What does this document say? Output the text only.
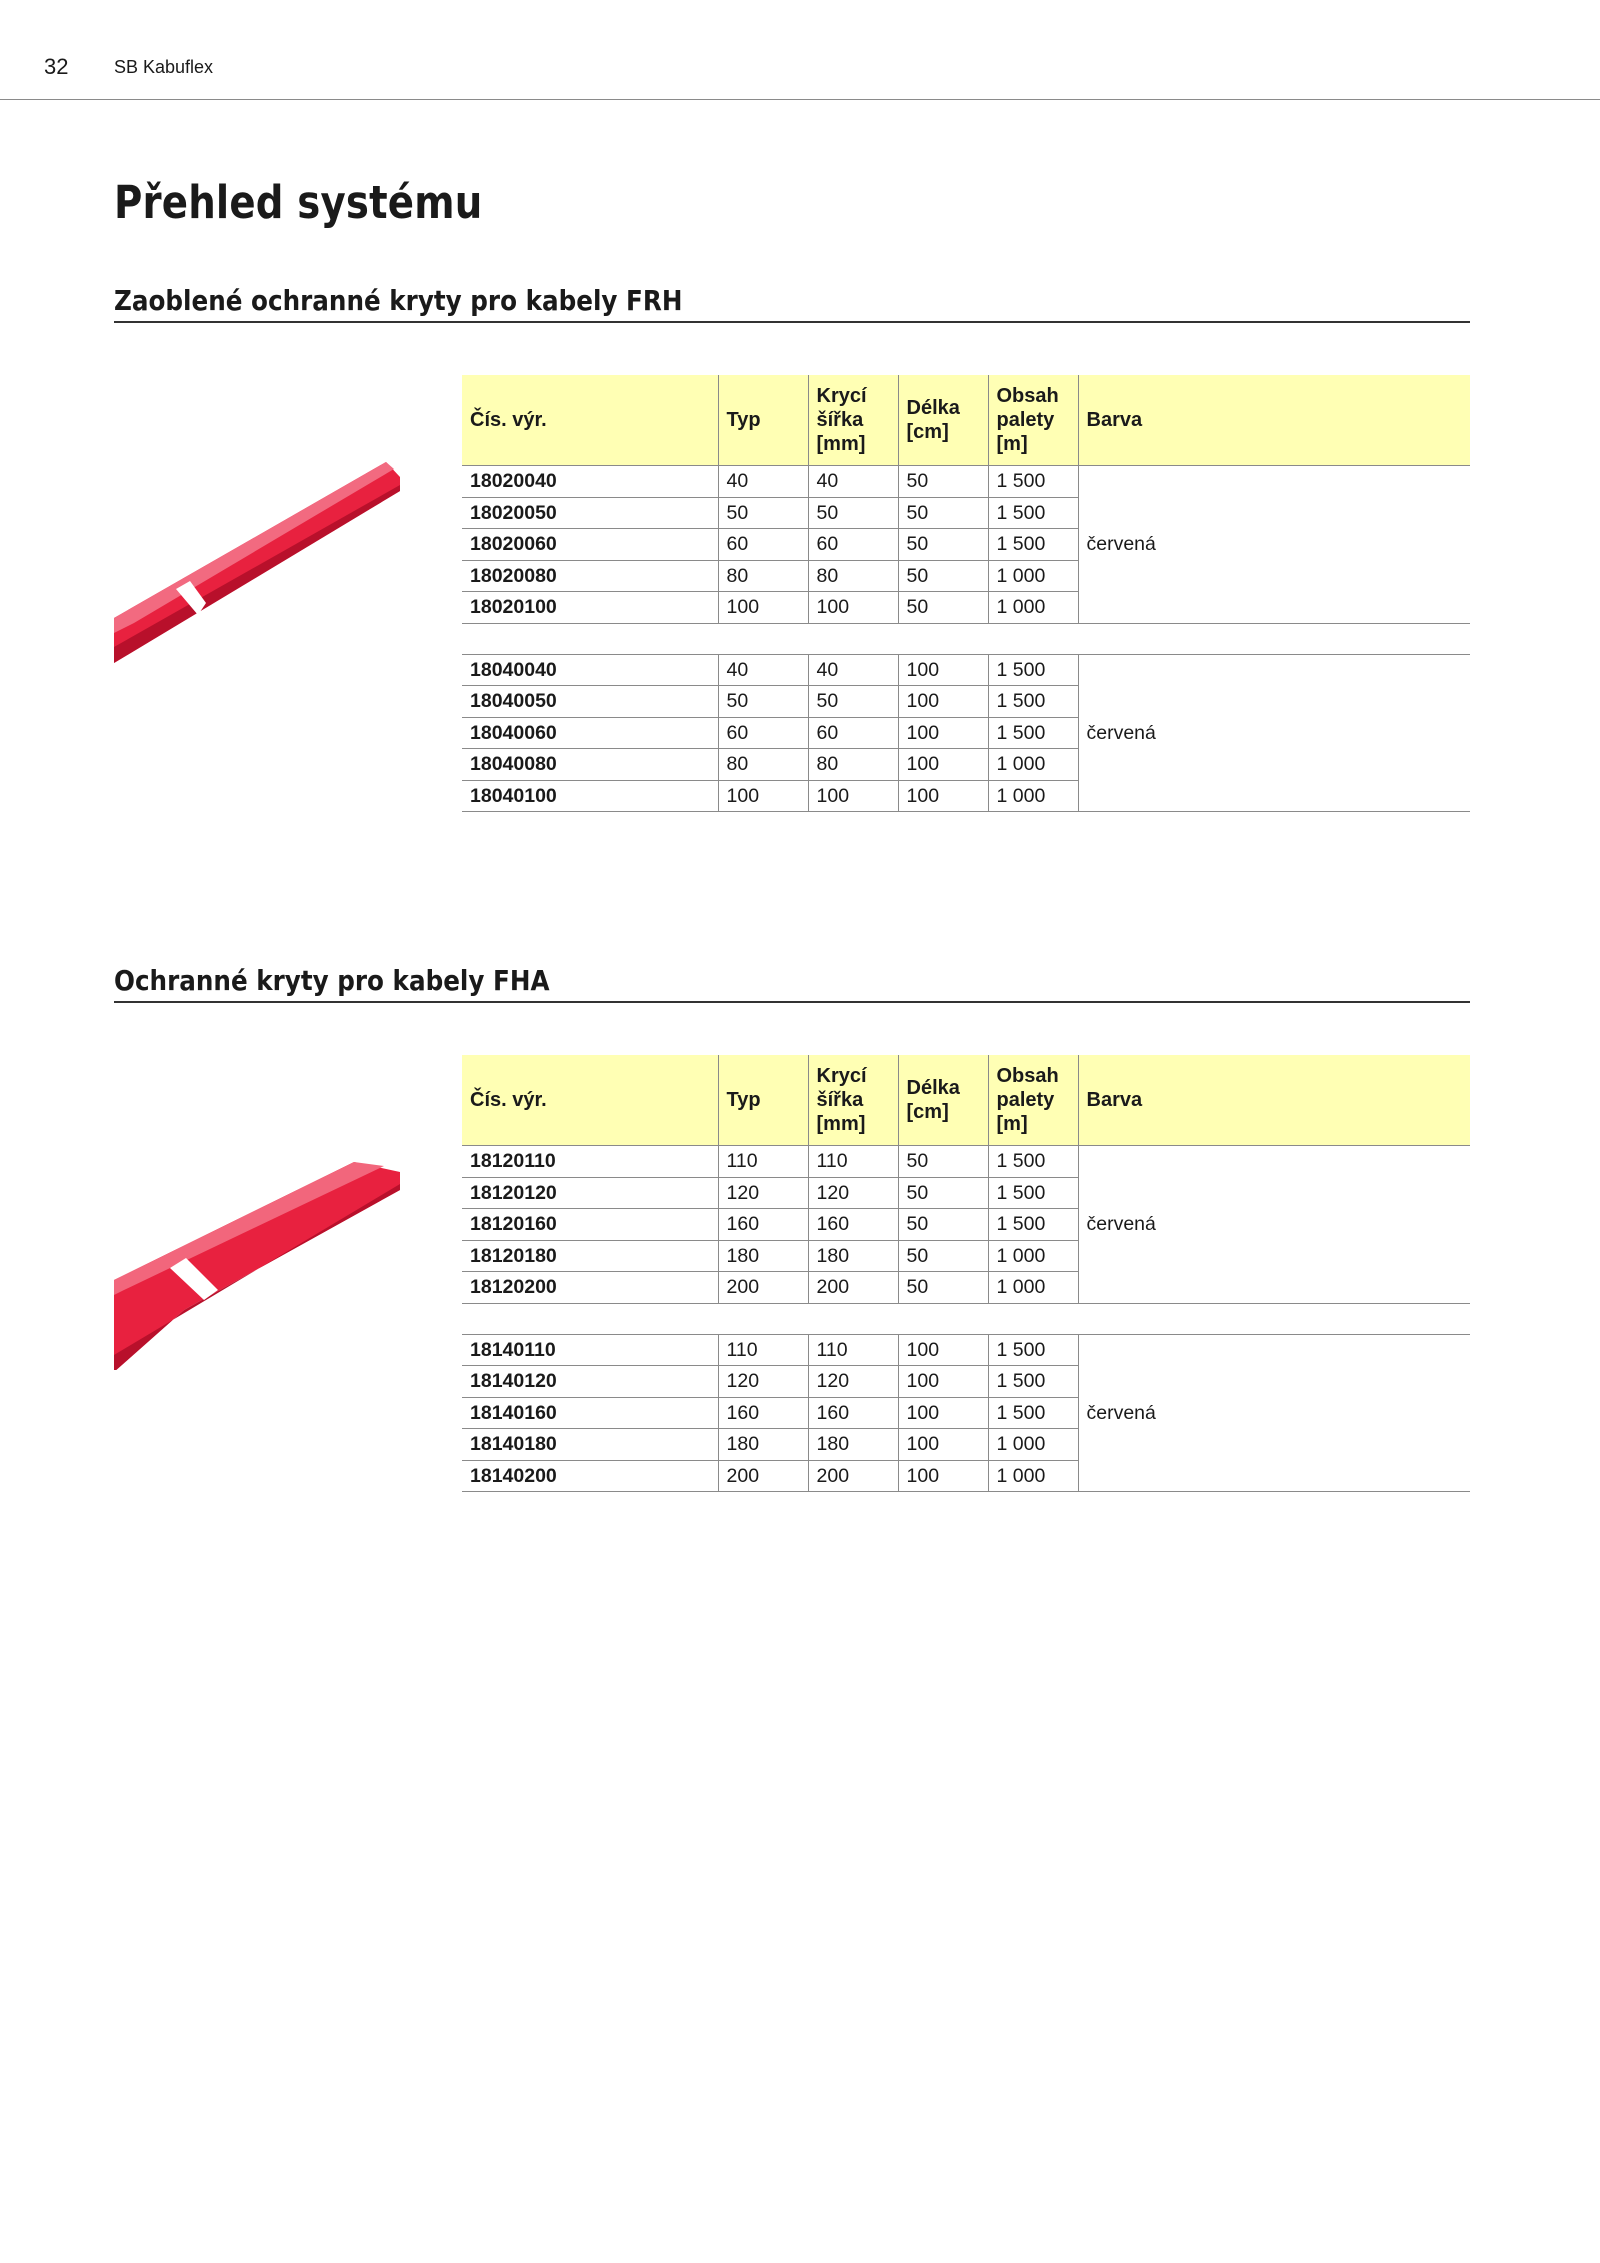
32	SB Kabuflex
Přehled systému
Zaoblené ochranné kryty pro kabely FRH
Čís. výr.	Typ	Krycí šířka [mm]	Délka [cm]	Obsah palety [m]	Barva
18020040	40	40	50	1 500	červená
18020050	50	50	50	1 500	
18020060	60	60	50	1 500	
18020080	80	80	50	1 000	
18020100	100	100	50	1 000	

18040040	40	40	100	1 500	červená
18040050	50	50	100	1 500	
18040060	60	60	100	1 500	
18040080	80	80	100	1 000	
18040100	100	100	100	1 000	
Ochranné kryty pro kabely FHA
Čís. výr.	Typ	Krycí šířka [mm]	Délka [cm]	Obsah palety [m]	Barva
18120110	110	110	50	1 500	červená
18120120	120	120	50	1 500	
18120160	160	160	50	1 500	
18120180	180	180	50	1 000	
18120200	200	200	50	1 000	

18140110	110	110	100	1 500	červená
18140120	120	120	100	1 500	
18140160	160	160	100	1 500	
18140180	180	180	100	1 000	
18140200	200	200	100	1 000	
